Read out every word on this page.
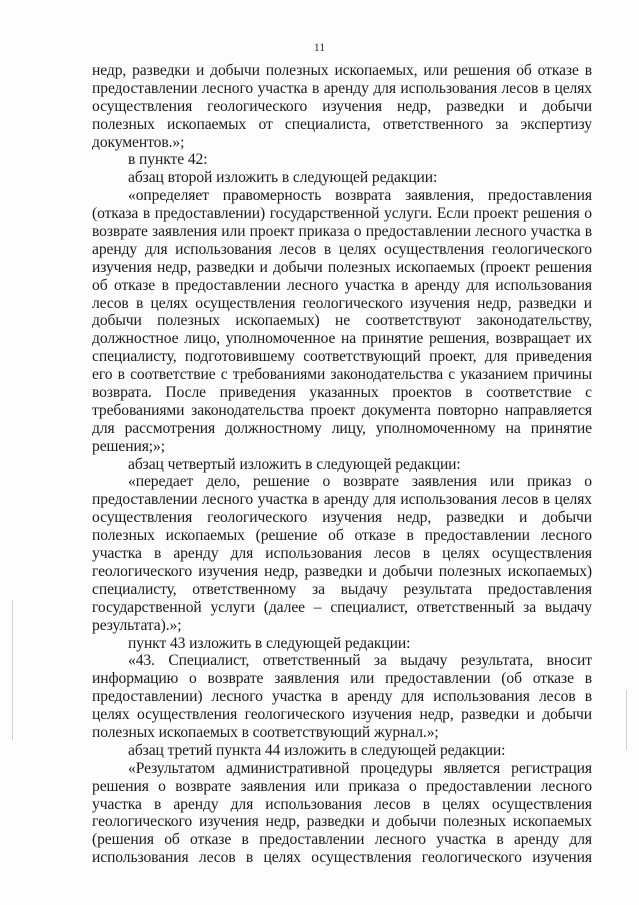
11
недр, разведки и добычи полезных ископаемых, или решения об отказе в
предоставлении лесного участка в аренду для использования лесов в целях
осуществления геологического изучения недр, разведки и добычи
полезных ископаемых от специалиста, ответственного за экспертизу
документов.»;
в пункте 42:
абзац второй изложить в следующей редакции:
«определяет правомерность возврата заявления, предоставления
(отказа в предоставлении) государственной услуги. Если проект решения о
возврате заявления или проект приказа о предоставлении лесного участка в
аренду для использования лесов в целях осуществления геологического
изучения недр, разведки и добычи полезных ископаемых (проект решения
об отказе в предоставлении лесного участка в аренду для использования
лесов в целях осуществления геологического изучения недр, разведки и
добычи полезных ископаемых) не соответствуют законодательству,
должностное лицо, уполномоченное на принятие решения, возвращает их
специалисту, подготовившему соответствующий проект, для приведения
его в соответствие с требованиями законодательства с указанием причины
возврата. После приведения указанных проектов в соответствие с
требованиями законодательства проект документа повторно направляется
для рассмотрения должностному лицу, уполномоченному на принятие
решения;»;
абзац четвертый изложить в следующей редакции:
«передает дело, решение о возврате заявления или приказ о
предоставлении лесного участка в аренду для использования лесов в целях
осуществления геологического изучения недр, разведки и добычи
полезных ископаемых (решение об отказе в предоставлении лесного
участка в аренду для использования лесов в целях осуществления
геологического изучения недр, разведки и добычи полезных ископаемых)
специалисту, ответственному за выдачу результата предоставления
государственной услуги (далее – специалист, ответственный за выдачу
результата).»;
пункт 43 изложить в следующей редакции:
«43. Специалист, ответственный за выдачу результата, вносит
информацию о возврате заявления или предоставлении (об отказе в
предоставлении) лесного участка в аренду для использования лесов в
целях осуществления геологического изучения недр, разведки и добычи
полезных ископаемых в соответствующий журнал.»;
абзац третий пункта 44 изложить в следующей редакции:
«Результатом административной процедуры является регистрация
решения о возврате заявления или приказа о предоставлении лесного
участка в аренду для использования лесов в целях осуществления
геологического изучения недр, разведки и добычи полезных ископаемых
(решения об отказе в предоставлении лесного участка в аренду для
использования лесов в целях осуществления геологического изучения
